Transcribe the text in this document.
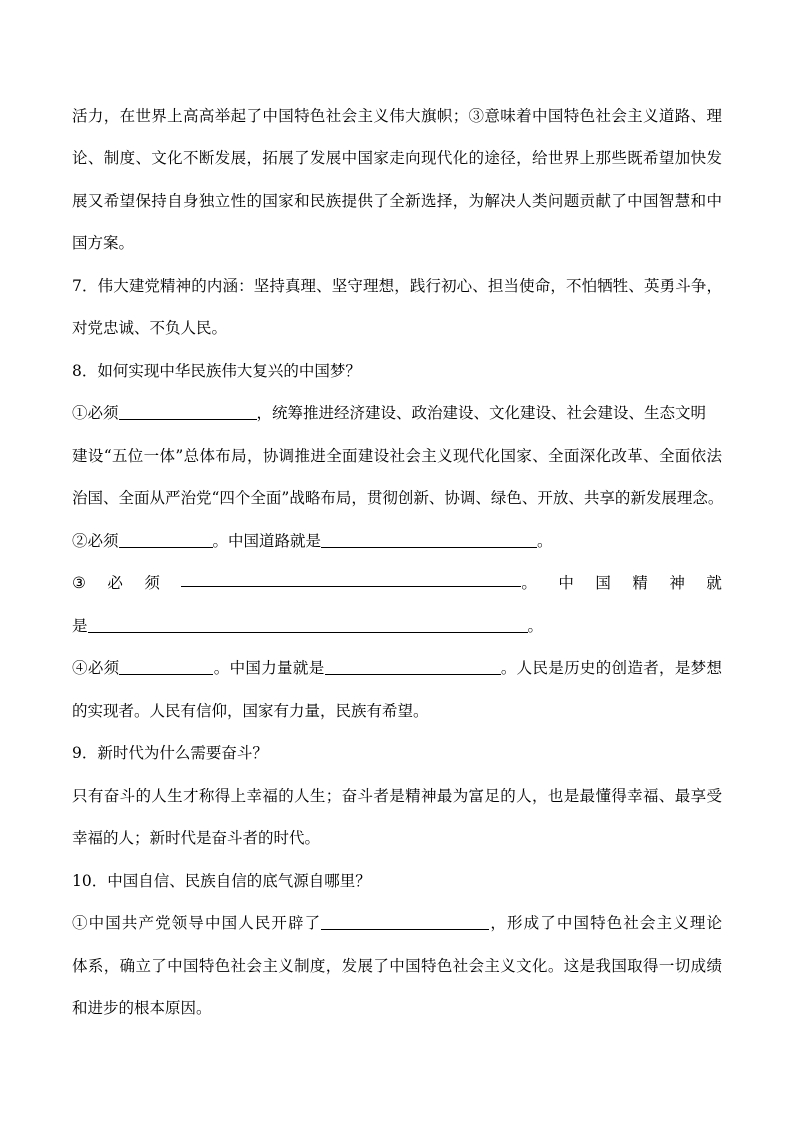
活力，在世界上高高举起了中国特色社会主义伟大旗帜；③意味着中国特色社会主义道路、理
论、制度、文化不断发展，拓展了发展中国家走向现代化的途径，给世界上那些既希望加快发
展又希望保持自身独立性的国家和民族提供了全新选择，为解决人类问题贡献了中国智慧和中
国方案。
7．伟大建党精神的内涵：坚持真理、坚守理想，践行初心、担当使命，不怕牺牲、英勇斗争，
对党忠诚、不负人民。
8．如何实现中华民族伟大复兴的中国梦？
①必须	，统筹推进经济建设、政治建设、文化建设、社会建设、生态文明
建设“五位一体”总体布局，协调推进全面建设社会主义现代化国家、全面深化改革、全面依法
治国、全面从严治党“四个全面”战略布局，贯彻创新、协调、绿色、开放、共享的新发展理念。
②必须	。中国道路就是	。
③ 必 须	。 中 国 精 神 就
是	。
④必须	。中国力量就是	。人民是历史的创造者，是梦想
的实现者。人民有信仰，国家有力量，民族有希望。
9．新时代为什么需要奋斗？
只有奋斗的人生才称得上幸福的人生；奋斗者是精神最为富足的人，也是最懂得幸福、最享受
幸福的人；新时代是奋斗者的时代。
10．中国自信、民族自信的底气源自哪里？
①中国共产党领导中国人民开辟了	，形成了中国特色社会主义理论
体系，确立了中国特色社会主义制度，发展了中国特色社会主义文化。这是我国取得一切成绩
和进步的根本原因。
